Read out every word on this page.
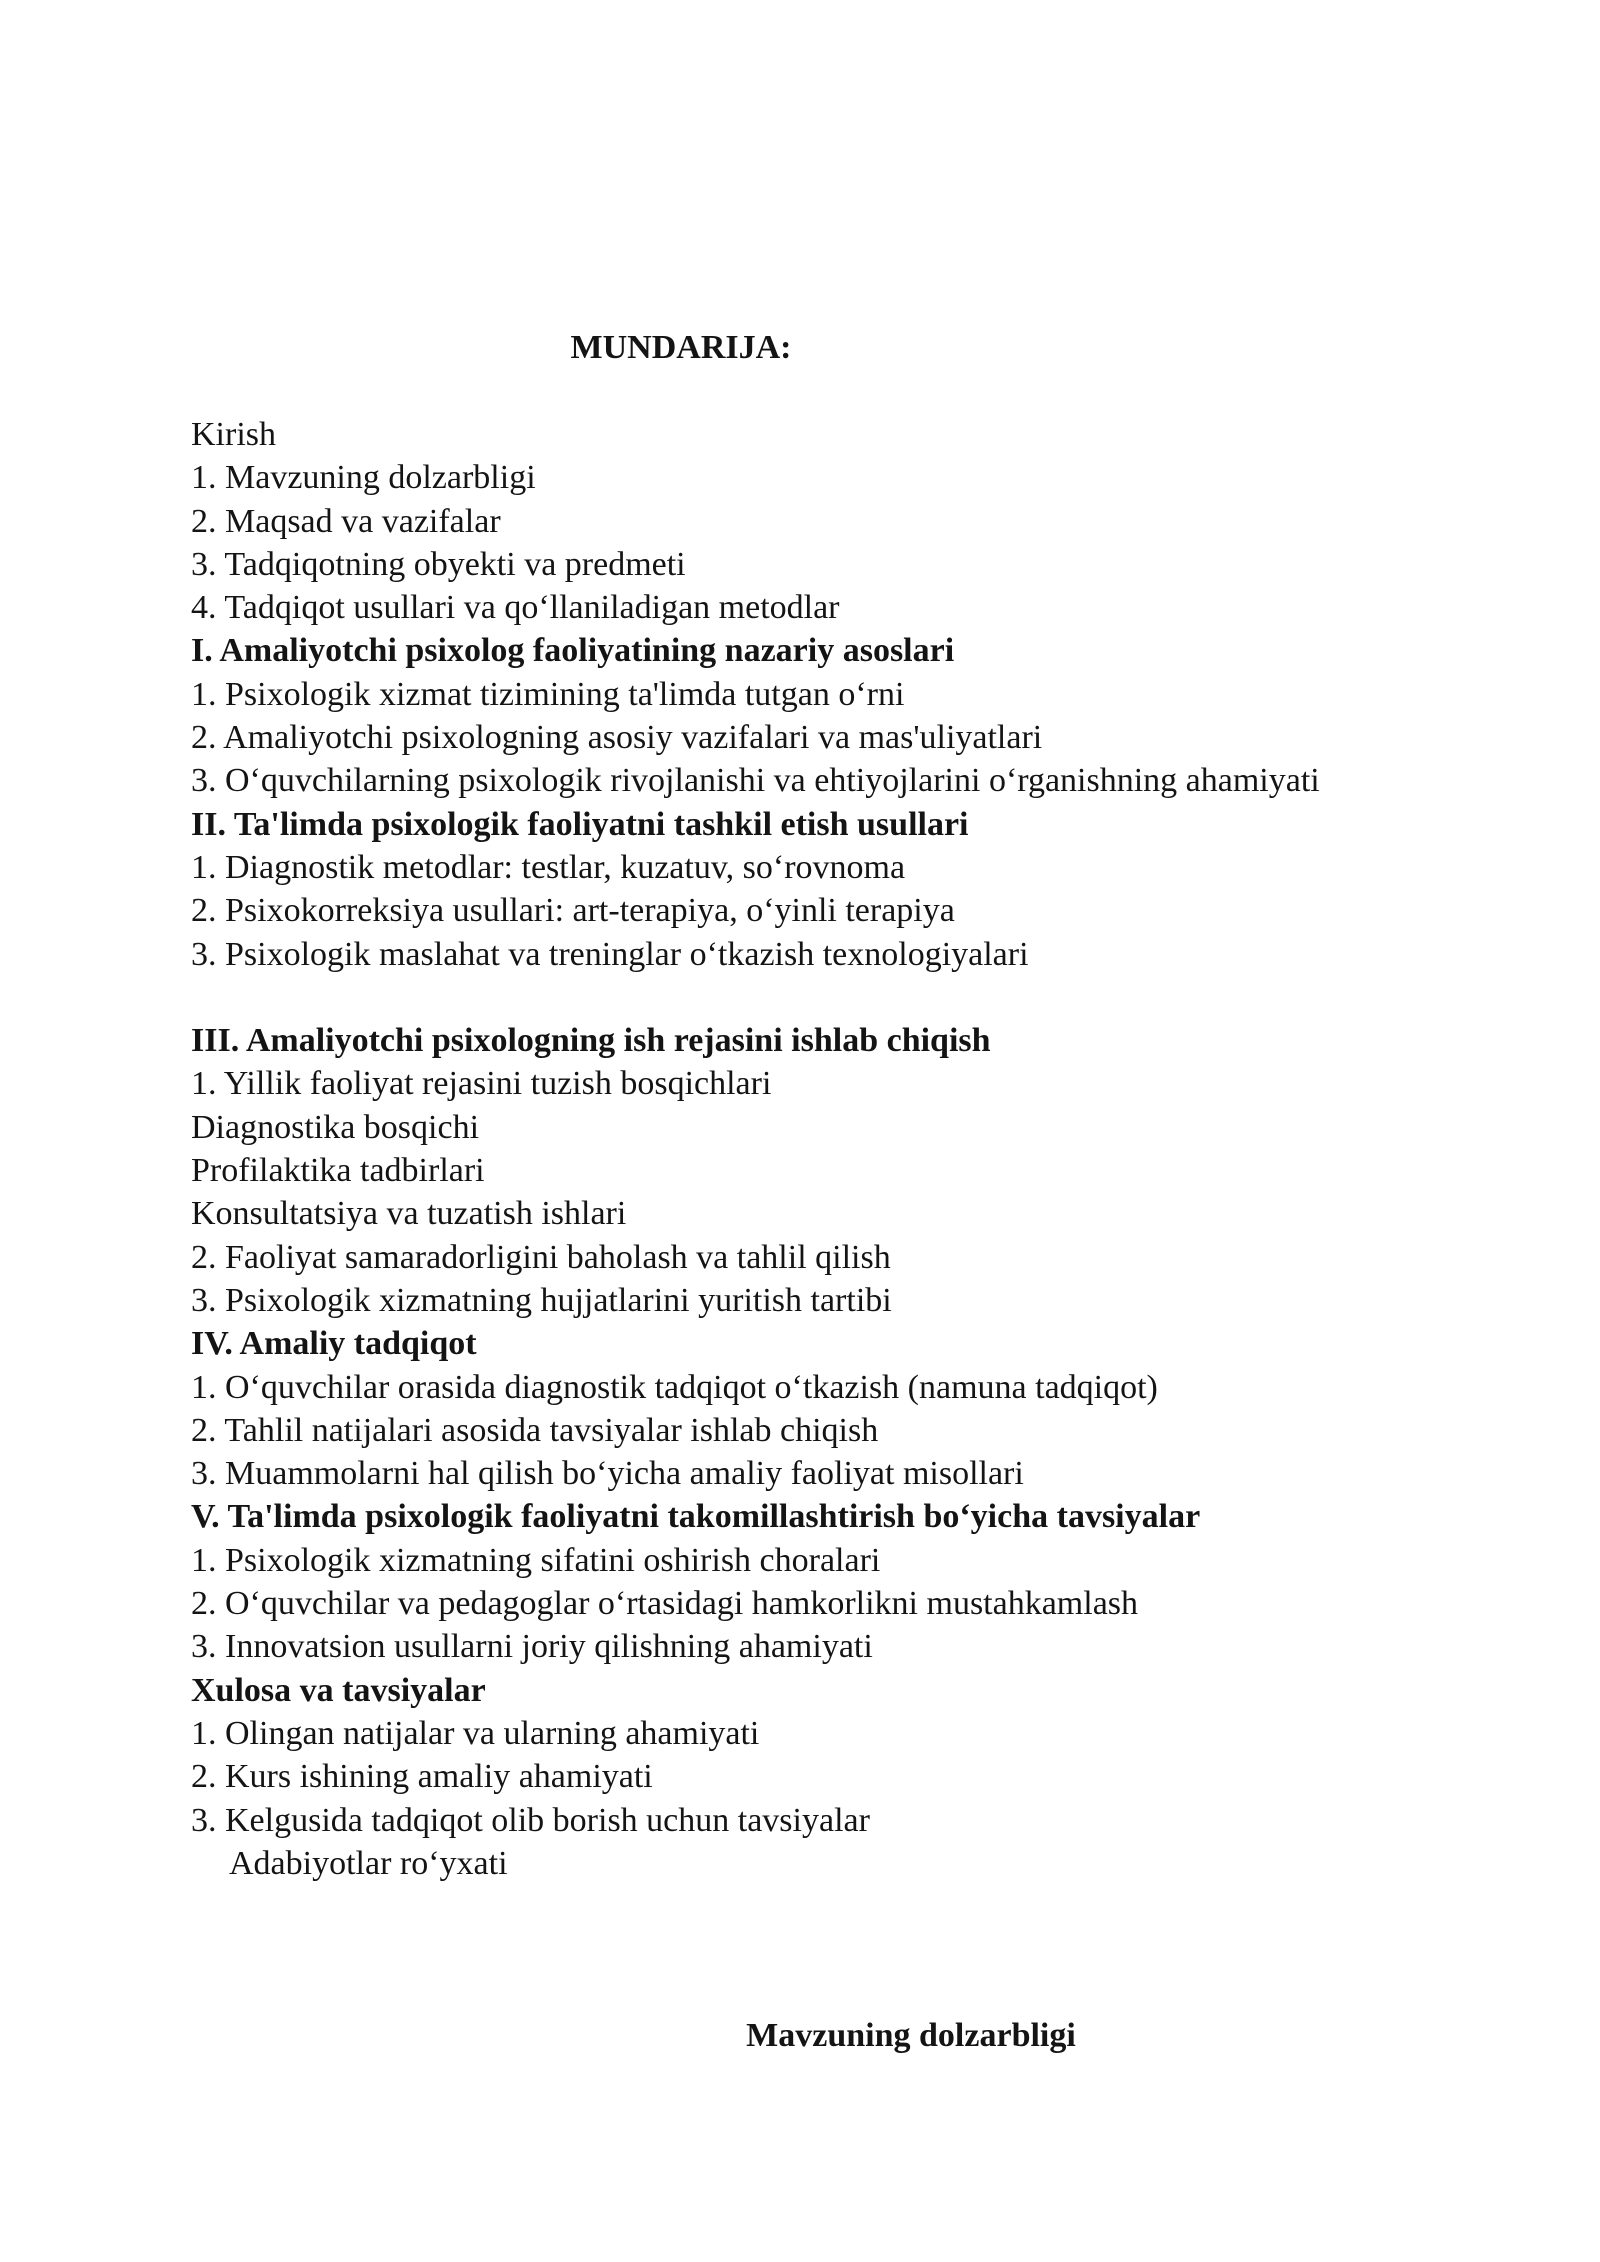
MUNDARIJA:
Kirish
1. Mavzuning dolzarbligi
2. Maqsad va vazifalar
3. Tadqiqotning obyekti va predmeti
4. Tadqiqot usullari va qo‘llaniladigan metodlar
I. Amaliyotchi psixolog faoliyatining nazariy asoslari
1. Psixologik xizmat tizimining ta'limda tutgan o‘rni
2. Amaliyotchi psixologning asosiy vazifalari va mas'uliyatlari
3. O‘quvchilarning psixologik rivojlanishi va ehtiyojlarini o‘rganishning ahamiyati
II. Ta'limda psixologik faoliyatni tashkil etish usullari
1. Diagnostik metodlar: testlar, kuzatuv, so‘rovnoma
2. Psixokorreksiya usullari: art-terapiya, o‘yinli terapiya
3. Psixologik maslahat va treninglar o‘tkazish texnologiyalari
III. Amaliyotchi psixologning ish rejasini ishlab chiqish
1. Yillik faoliyat rejasini tuzish bosqichlari
Diagnostika bosqichi
Profilaktika tadbirlari
Konsultatsiya va tuzatish ishlari
2. Faoliyat samaradorligini baholash va tahlil qilish
3. Psixologik xizmatning hujjatlarini yuritish tartibi
IV. Amaliy tadqiqot
1. O‘quvchilar orasida diagnostik tadqiqot o‘tkazish (namuna tadqiqot)
2. Tahlil natijalari asosida tavsiyalar ishlab chiqish
3. Muammolarni hal qilish bo‘yicha amaliy faoliyat misollari
V. Ta'limda psixologik faoliyatni takomillashtirish bo‘yicha tavsiyalar
1. Psixologik xizmatning sifatini oshirish choralari
2. O‘quvchilar va pedagoglar o‘rtasidagi hamkorlikni mustahkamlash
3. Innovatsion usullarni joriy qilishning ahamiyati
Xulosa va tavsiyalar
1. Olingan natijalar va ularning ahamiyati
2. Kurs ishining amaliy ahamiyati
3. Kelgusida tadqiqot olib borish uchun tavsiyalar
Adabiyotlar ro‘yxati
Mavzuning dolzarbligi
